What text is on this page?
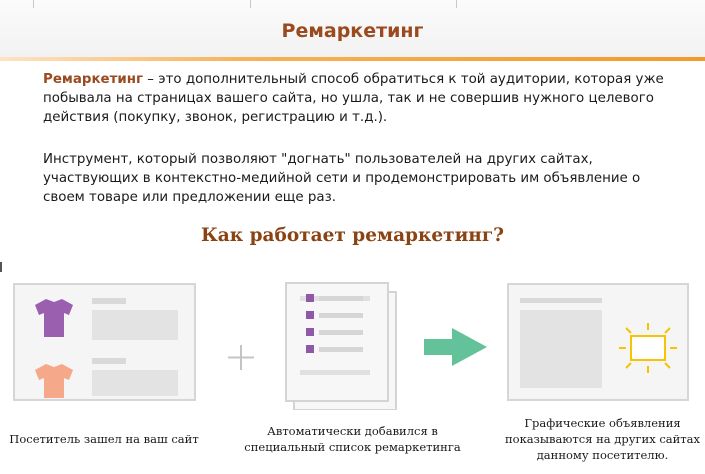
Ремаркетинг
Ремаркетинг – это дополнительный способ обратиться к той аудитории, которая уже побывала на страницах вашего сайта, но ушла, так и не совершив нужного целевого действия (покупку, звонок, регистрацию и т.д.).
Инструмент, который позволяют "догнать" пользователей на других сайтах, участвующих в контекстно-медийной сети и продемонстрировать им объявление о своем товаре или предложении еще раз.
Как работает ремаркетинг?
Посетитель зашел на ваш сайт
Автоматически добавился в специальный список ремаркетинга
Графические объявления показываются на других сайтах данному посетителю.
